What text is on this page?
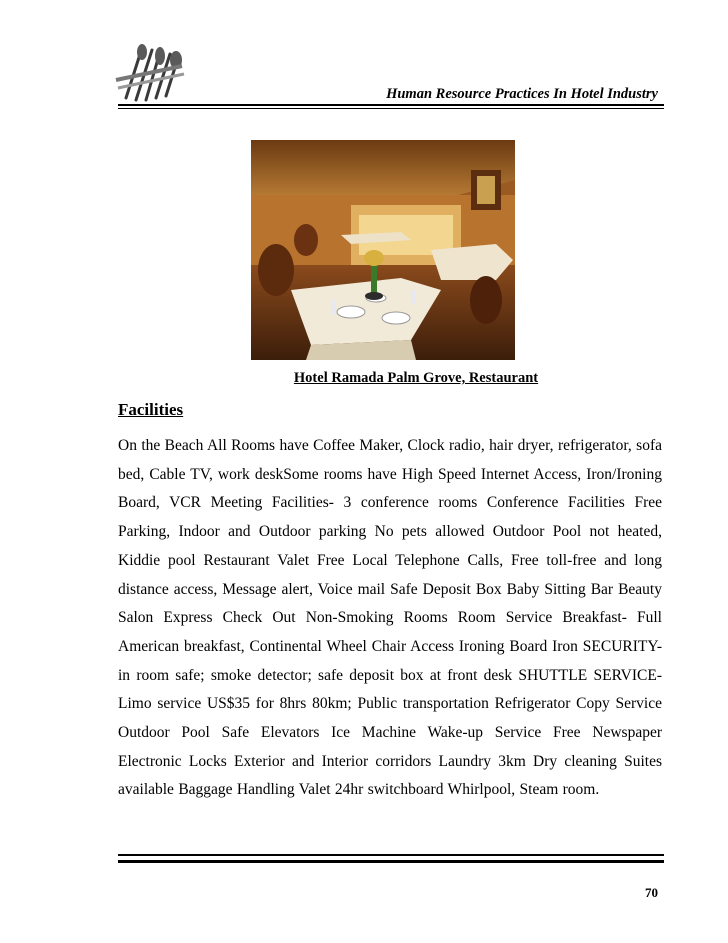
Human Resource Practices In Hotel Industry
Hotel Ramada Palm Grove, Restaurant
Facilities
On the Beach All Rooms have Coffee Maker, Clock radio, hair dryer, refrigerator, sofa bed, Cable TV, work deskSome rooms have High Speed Internet Access, Iron/Ironing Board, VCR Meeting Facilities- 3 conference rooms Conference Facilities Free Parking, Indoor and Outdoor parking No pets allowed Outdoor Pool not heated, Kiddie pool Restaurant Valet Free Local Telephone Calls, Free toll-free and long distance access, Message alert, Voice mail Safe Deposit Box Baby Sitting Bar Beauty Salon Express Check Out Non-Smoking Rooms Room Service Breakfast- Full American breakfast, Continental Wheel Chair Access Ironing Board Iron SECURITY- in room safe; smoke detector; safe deposit box at front desk SHUTTLE SERVICE- Limo service US$35 for 8hrs 80km; Public transportation Refrigerator Copy Service Outdoor Pool Safe Elevators Ice Machine Wake-up Service Free Newspaper Electronic Locks Exterior and Interior corridors Laundry 3km Dry cleaning Suites available Baggage Handling Valet 24hr switchboard Whirlpool, Steam room.
70
